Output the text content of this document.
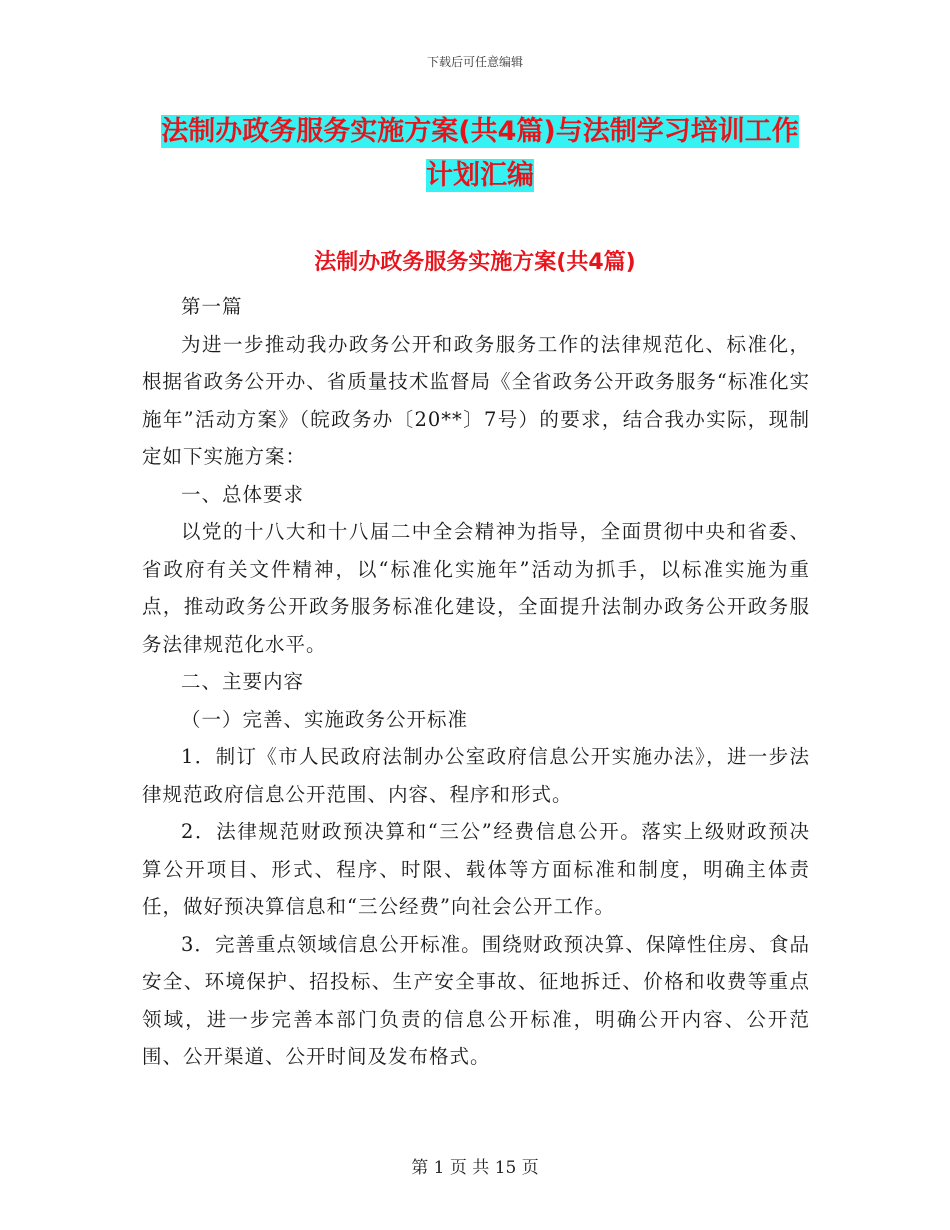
下载后可任意编辑
法制办政务服务实施方案(共4篇)与法制学习培训工作计划汇编
法制办政务服务实施方案(共4篇)

第一篇

为进一步推动我办政务公开和政务服务工作的法律规范化、标准化，根据省政务公开办、省质量技术监督局《全省政务公开政务服务“标准化实施年”活动方案》（皖政务办〔20**〕7号）的要求，结合我办实际，现制定如下实施方案：

一、总体要求

以党的十八大和十八届二中全会精神为指导，全面贯彻中央和省委、省政府有关文件精神，以“标准化实施年”活动为抓手，以标准实施为重点，推动政务公开政务服务标准化建设，全面提升法制办政务公开政务服务法律规范化水平。

二、主要内容

（一）完善、实施政务公开标准

1．制订《市人民政府法制办公室政府信息公开实施办法》，进一步法律规范政府信息公开范围、内容、程序和形式。

2．法律规范财政预决算和“三公”经费信息公开。落实上级财政预决算公开项目、形式、程序、时限、载体等方面标准和制度，明确主体责任，做好预决算信息和“三公经费”向社会公开工作。

3．完善重点领域信息公开标准。围绕财政预决算、保障性住房、食品安全、环境保护、招投标、生产安全事故、征地拆迁、价格和收费等重点领域，进一步完善本部门负责的信息公开标准，明确公开内容、公开范围、公开渠道、公开时间及发布格式。

第 1 页 共 15 页
